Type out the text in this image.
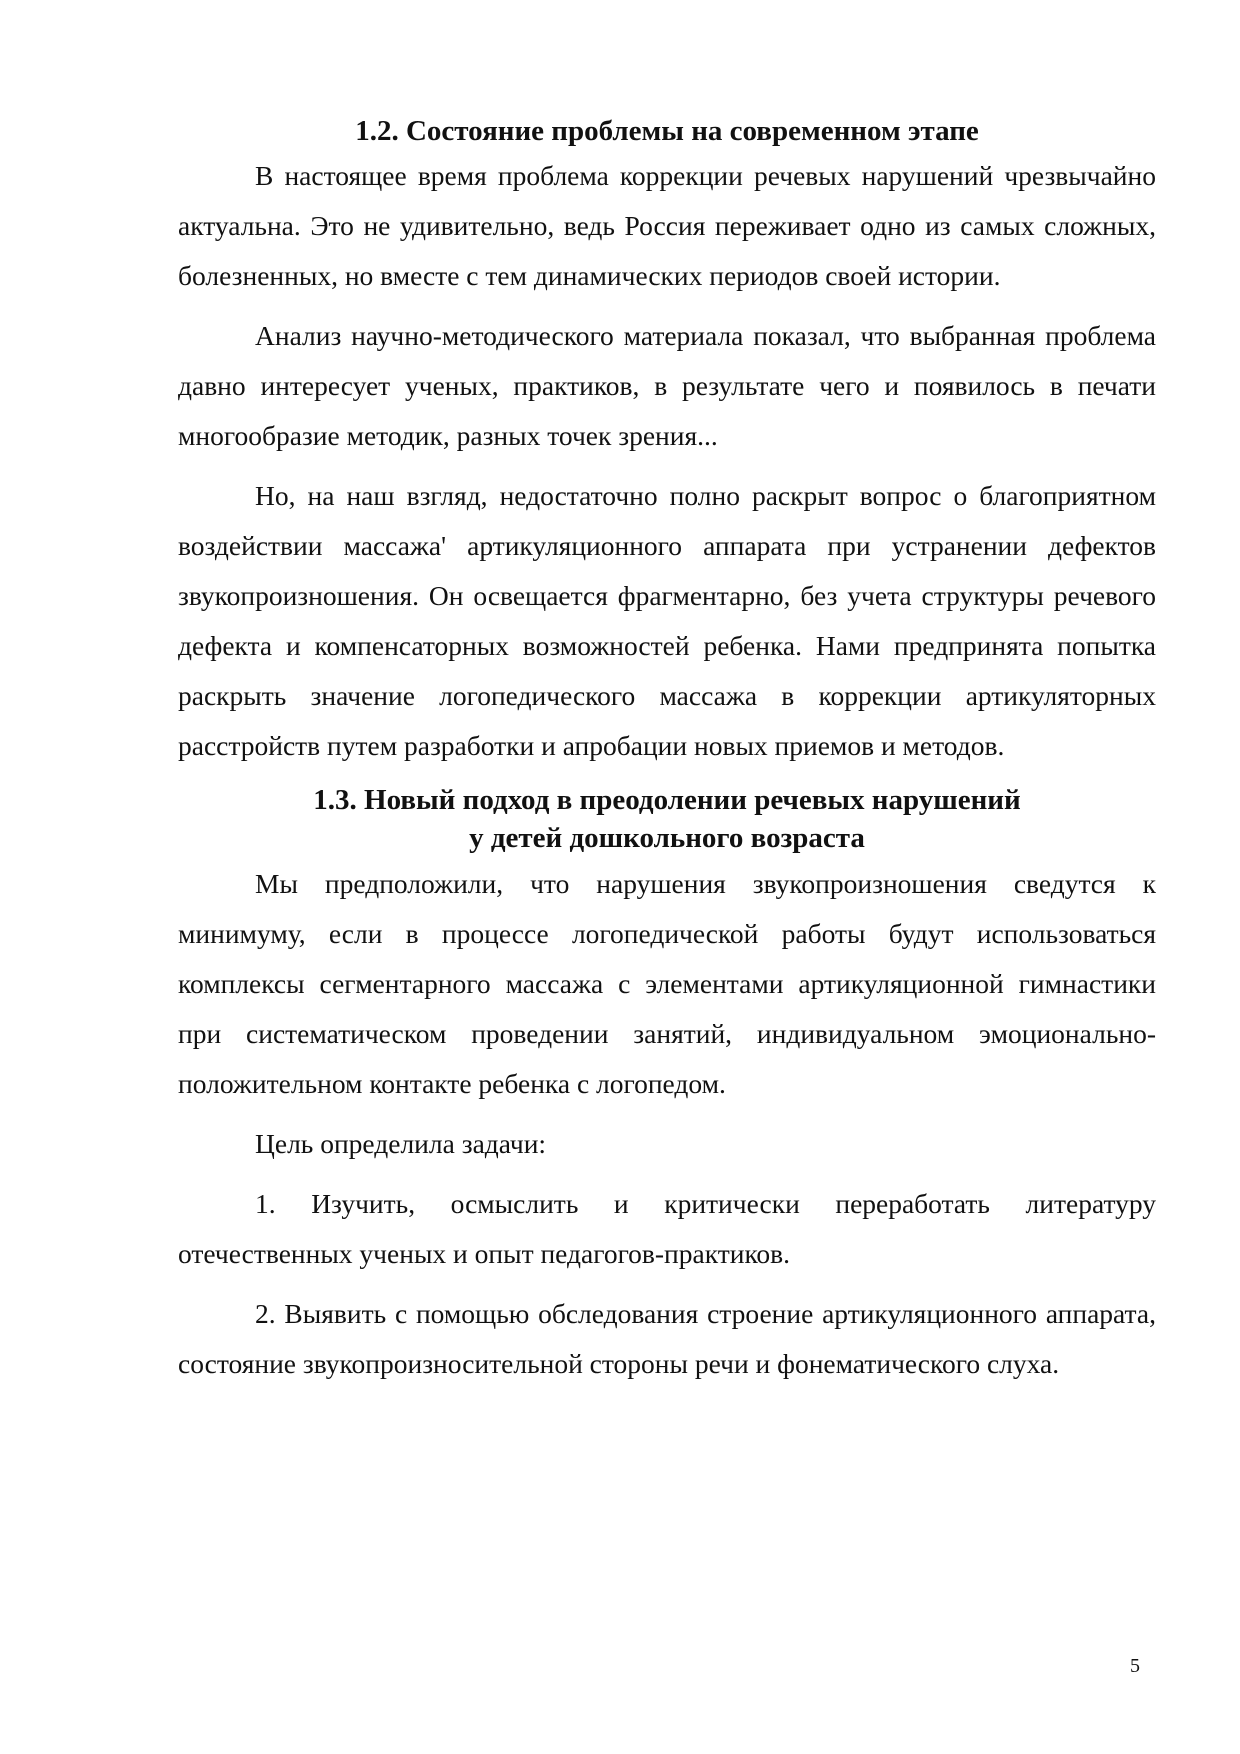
1.2. Состояние проблемы на современном этапе

В настоящее время проблема коррекции речевых нарушений чрезвычайно актуальна. Это не удивительно, ведь Россия переживает одно из самых сложных, болезненных, но вместе с тем динамических периодов своей истории.

Анализ научно-методического материала показал, что выбранная проблема давно интересует ученых, практиков, в результате чего и появилось в печати многообразие методик, разных точек зрения...

Но, на наш взгляд, недостаточно полно раскрыт вопрос о благоприятном воздействии массажа' артикуляционного аппарата при устранении дефектов звукопроизношения. Он освещается фрагментарно, без учета структуры речевого дефекта и компенсаторных возможностей ребенка. Нами предпринята попытка раскрыть значение логопедического массажа в коррекции артикуляторных расстройств путем разработки и апробации новых приемов и методов.

1.3. Новый подход в преодолении речевых нарушений
у детей дошкольного возраста

Мы предположили, что нарушения звукопроизношения сведутся к минимуму, если в процессе логопедической работы будут использоваться комплексы сегментарного массажа с элементами артикуляционной гимнастики при систематическом проведении занятий, индивидуальном эмоционально-положительном контакте ребенка с логопедом.

Цель определила задачи:

1. Изучить, осмыслить и критически переработать литературу отечественных ученых и опыт педагогов-практиков.

2. Выявить с помощью обследования строение артикуляционного аппарата, состояние звукопроизносительной стороны речи и фонематического слуха.

5
